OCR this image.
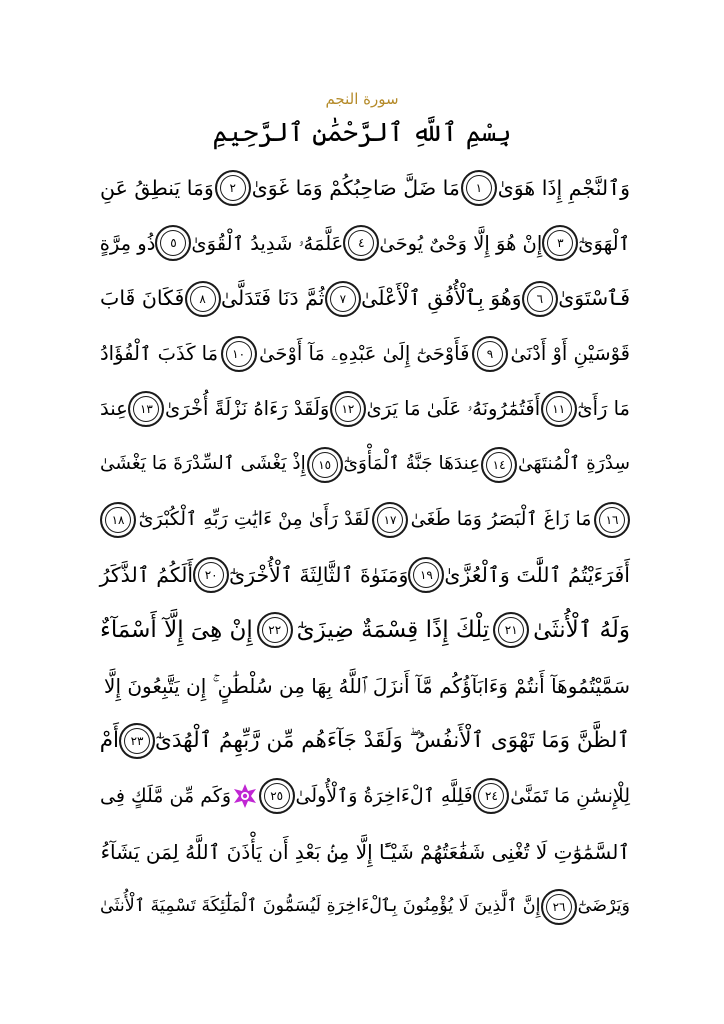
سورة النجم
بِسْمِ ٱللَّهِ ٱلرَّحْمَٰنِ ٱلرَّحِيمِ
وَٱلنَّجْمِ إِذَا هَوَىٰ
١
مَا ضَلَّ صَاحِبُكُمْ وَمَا غَوَىٰ
٢
وَمَا يَنطِقُ عَنِ
ٱلْهَوَىٰٓ
٣
إِنْ هُوَ إِلَّا وَحْىٌ يُوحَىٰ
٤
عَلَّمَهُۥ شَدِيدُ ٱلْقُوَىٰ
٥
ذُو مِرَّةٍ
فَٱسْتَوَىٰ
٦
وَهُوَ بِٱلْأُفُقِ ٱلْأَعْلَىٰ
٧
ثُمَّ دَنَا فَتَدَلَّىٰ
٨
فَكَانَ قَابَ
قَوْسَيْنِ أَوْ أَدْنَىٰ
٩
فَأَوْحَىٰٓ إِلَىٰ عَبْدِهِۦ مَآ أَوْحَىٰ
١٠
مَا كَذَبَ ٱلْفُؤَادُ
مَا رَأَىٰٓ
١١
أَفَتُمَٰرُونَهُۥ عَلَىٰ مَا يَرَىٰ
١٢
وَلَقَدْ رَءَاهُ نَزْلَةً أُخْرَىٰ
١٣
عِندَ
سِدْرَةِ ٱلْمُنتَهَىٰ
١٤
عِندَهَا جَنَّةُ ٱلْمَأْوَىٰٓ
١٥
إِذْ يَغْشَى ٱلسِّدْرَةَ مَا يَغْشَىٰ
١٦
مَا زَاغَ ٱلْبَصَرُ وَمَا طَغَىٰ
١٧
لَقَدْ رَأَىٰ مِنْ ءَايَٰتِ رَبِّهِ ٱلْكُبْرَىٰٓ
١٨
أَفَرَءَيْتُمُ ٱللَّٰتَ وَٱلْعُزَّىٰ
١٩
وَمَنَوٰةَ ٱلثَّالِثَةَ ٱلْأُخْرَىٰٓ
٢٠
أَلَكُمُ ٱلذَّكَرُ
وَلَهُ ٱلْأُنثَىٰ
٢١
تِلْكَ إِذًا قِسْمَةٌ ضِيزَىٰٓ
٢٢
إِنْ هِىَ إِلَّآ أَسْمَآءٌ
سَمَّيْتُمُوهَآ أَنتُمْ وَءَابَآؤُكُم مَّآ أَنزَلَ ٱللَّهُ بِهَا مِن سُلْطَٰنٍ ۚ إِن يَتَّبِعُونَ إِلَّا
ٱلظَّنَّ وَمَا تَهْوَى ٱلْأَنفُسُ ۖ وَلَقَدْ جَآءَهُم مِّن رَّبِّهِمُ ٱلْهُدَىٰٓ
٢٣
أَمْ
لِلْإِنسَٰنِ مَا تَمَنَّىٰ
٢٤
فَلِلَّهِ ٱلْءَاخِرَةُ وَٱلْأُولَىٰ
٢٥
وَكَم مِّن مَّلَكٍ فِى
ٱلسَّمَٰوَٰتِ لَا تُغْنِى شَفَٰعَتُهُمْ شَيْـًٔا إِلَّا مِنۢ بَعْدِ أَن يَأْذَنَ ٱللَّهُ لِمَن يَشَآءُ
وَيَرْضَىٰٓ
٢٦
إِنَّ ٱلَّذِينَ لَا يُؤْمِنُونَ بِٱلْءَاخِرَةِ لَيُسَمُّونَ ٱلْمَلَٰٓئِكَةَ تَسْمِيَةَ ٱلْأُنثَىٰ
